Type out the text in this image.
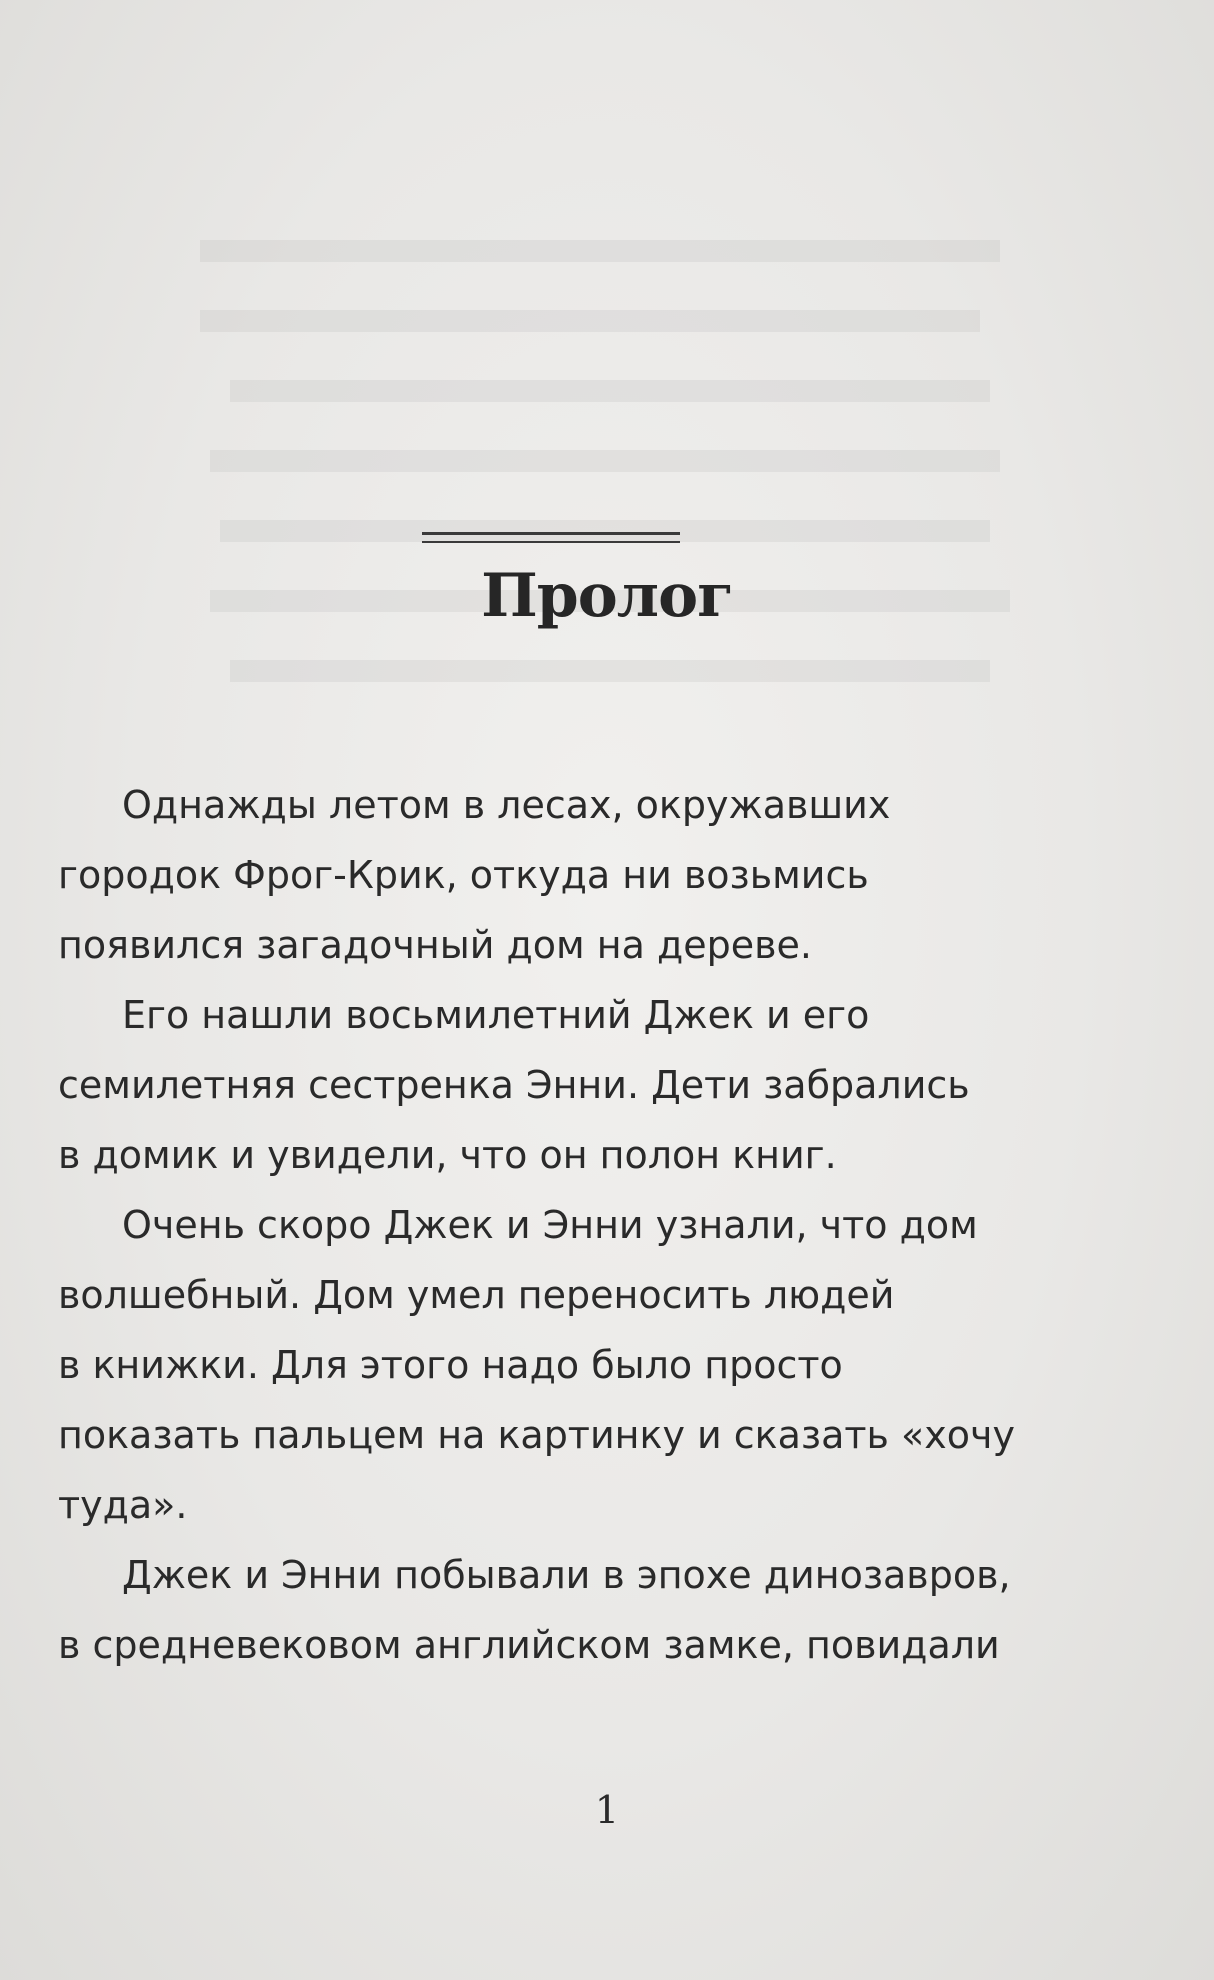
Пролог
Однажды летом в лесах, окружавших
городок Фрог-Крик, откуда ни возьмись
появился загадочный дом на дереве.
Его нашли восьмилетний Джек и его
семилетняя сестренка Энни. Дети забрались
в домик и увидели, что он полон книг.
Очень скоро Джек и Энни узнали, что дом
волшебный. Дом умел переносить людей
в книжки. Для этого надо было просто
показать пальцем на картинку и сказать «хочу
туда».
Джек и Энни побывали в эпохе динозавров,
в средневековом английском замке, повидали
1
